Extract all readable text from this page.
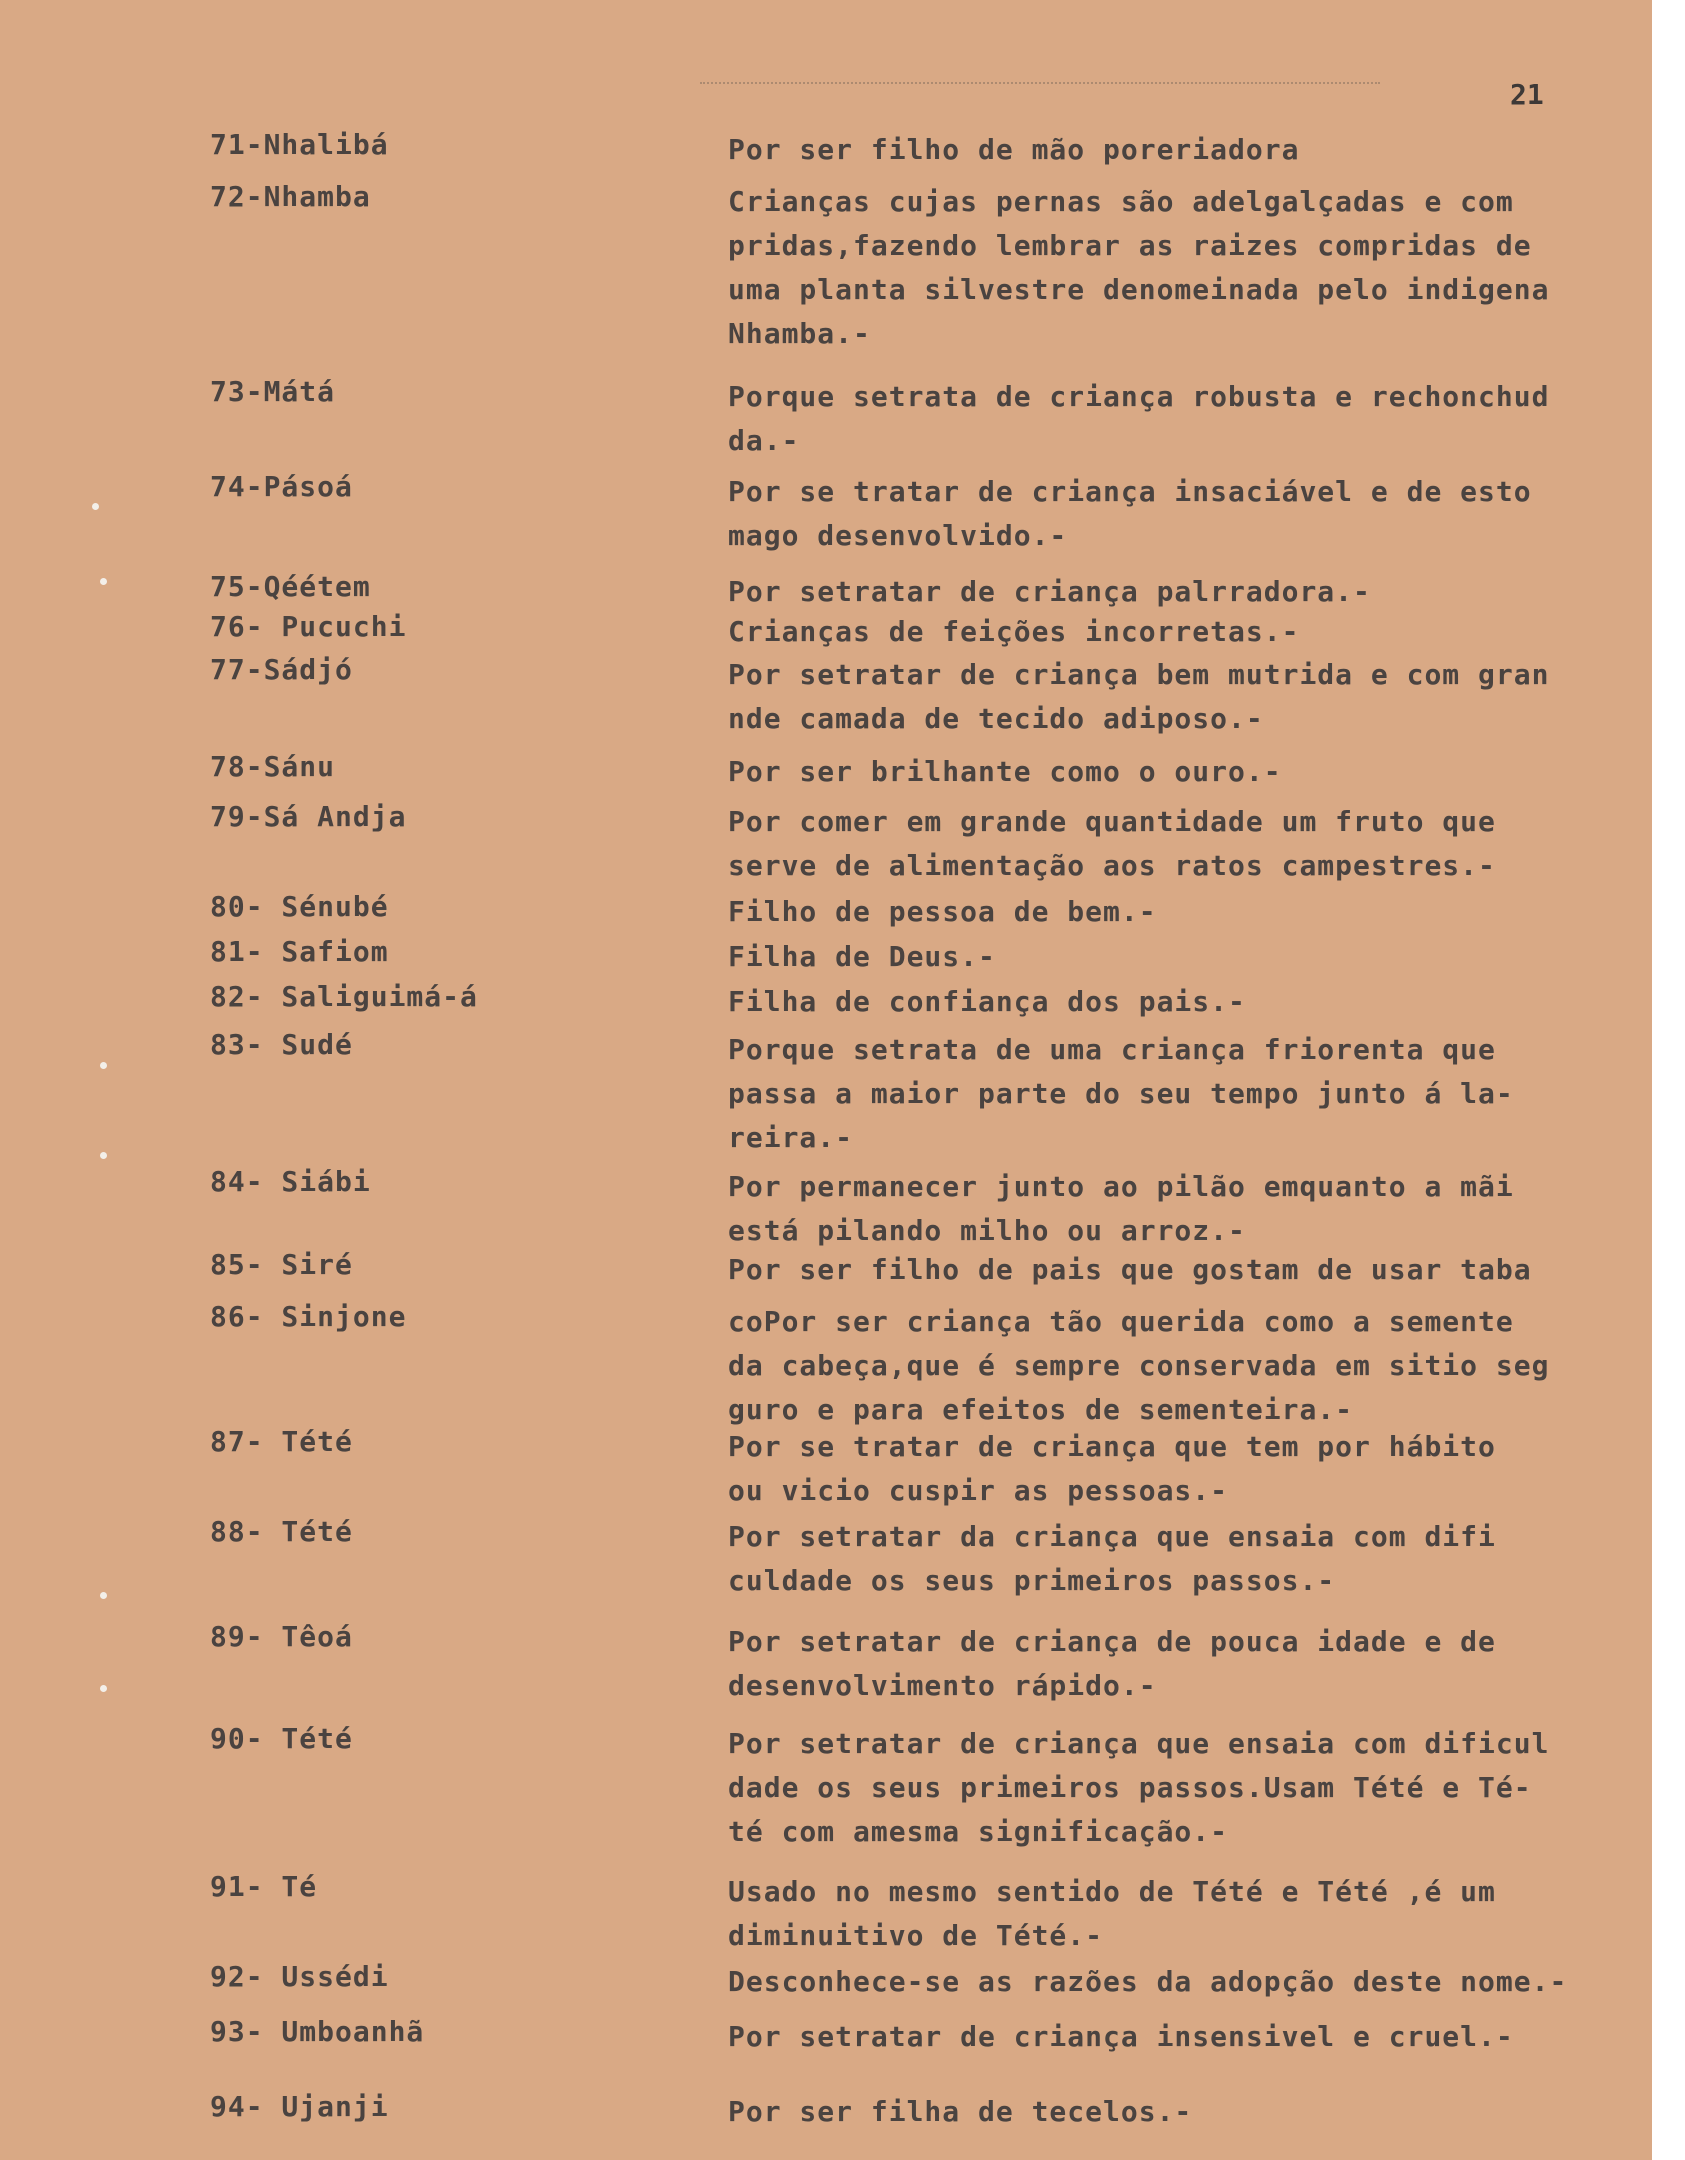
21
71-Nhalibá	Por ser filho de mão poreriadora
72-Nhamba	Crianças cujas pernas são adelgalçadas e com
pridas,fazendo lembrar as raizes compridas de
uma planta silvestre denomeinada pelo indigena
Nhamba.-
73-Mátá	Porque setrata de criança robusta e rechonchud
da.-
74-Pásoá	Por se tratar de criança insaciável e de esto
mago desenvolvido.-
75-Qéétem	Por setratar de criança palrradora.-
76- Pucuchi	Crianças de feições incorretas.-
77-Sádjó	Por setratar de criança bem mutrida e com gran
nde camada de tecido adiposo.-
78-Sánu	Por ser brilhante como o ouro.-
79-Sá Andja	Por comer em grande quantidade um fruto que
serve de alimentação aos ratos campestres.-
80- Sénubé	Filho de pessoa de bem.-
81- Safiom	Filha de Deus.-
82- Saliguimá-á	Filha de confiança dos pais.-
83- Sudé	Porque setrata de uma criança friorenta que
passa a maior parte do seu tempo junto á la-
reira.-
84- Siábi	Por permanecer junto ao pilão emquanto a mãi
está pilando milho ou arroz.-
85- Siré	Por ser filho de pais que gostam de usar taba
86- Sinjone	coPor ser criança tão querida como a semente
da cabeça,que é sempre conservada em sitio seg
guro e para efeitos de sementeira.-
87- Tété	Por se tratar de criança que tem por hábito
ou vicio cuspir as pessoas.-
88- Tété	Por setratar da criança que ensaia com difi
culdade os seus primeiros passos.-
89- Têoá	Por setratar de criança de pouca idade e de
desenvolvimento rápido.-
90- Tété	Por setratar de criança que ensaia com dificul
dade os seus primeiros passos.Usam Tété e Té-
té com amesma significação.-
91- Té	Usado no mesmo sentido de Tété e Tété ,é um
diminuitivo de Tété.-
92- Ussédi	Desconhece-se as razões da adopção deste nome.-
93- Umboanhã	Por setratar de criança insensivel e cruel.-
94- Ujanji	Por ser filha de tecelos.-
